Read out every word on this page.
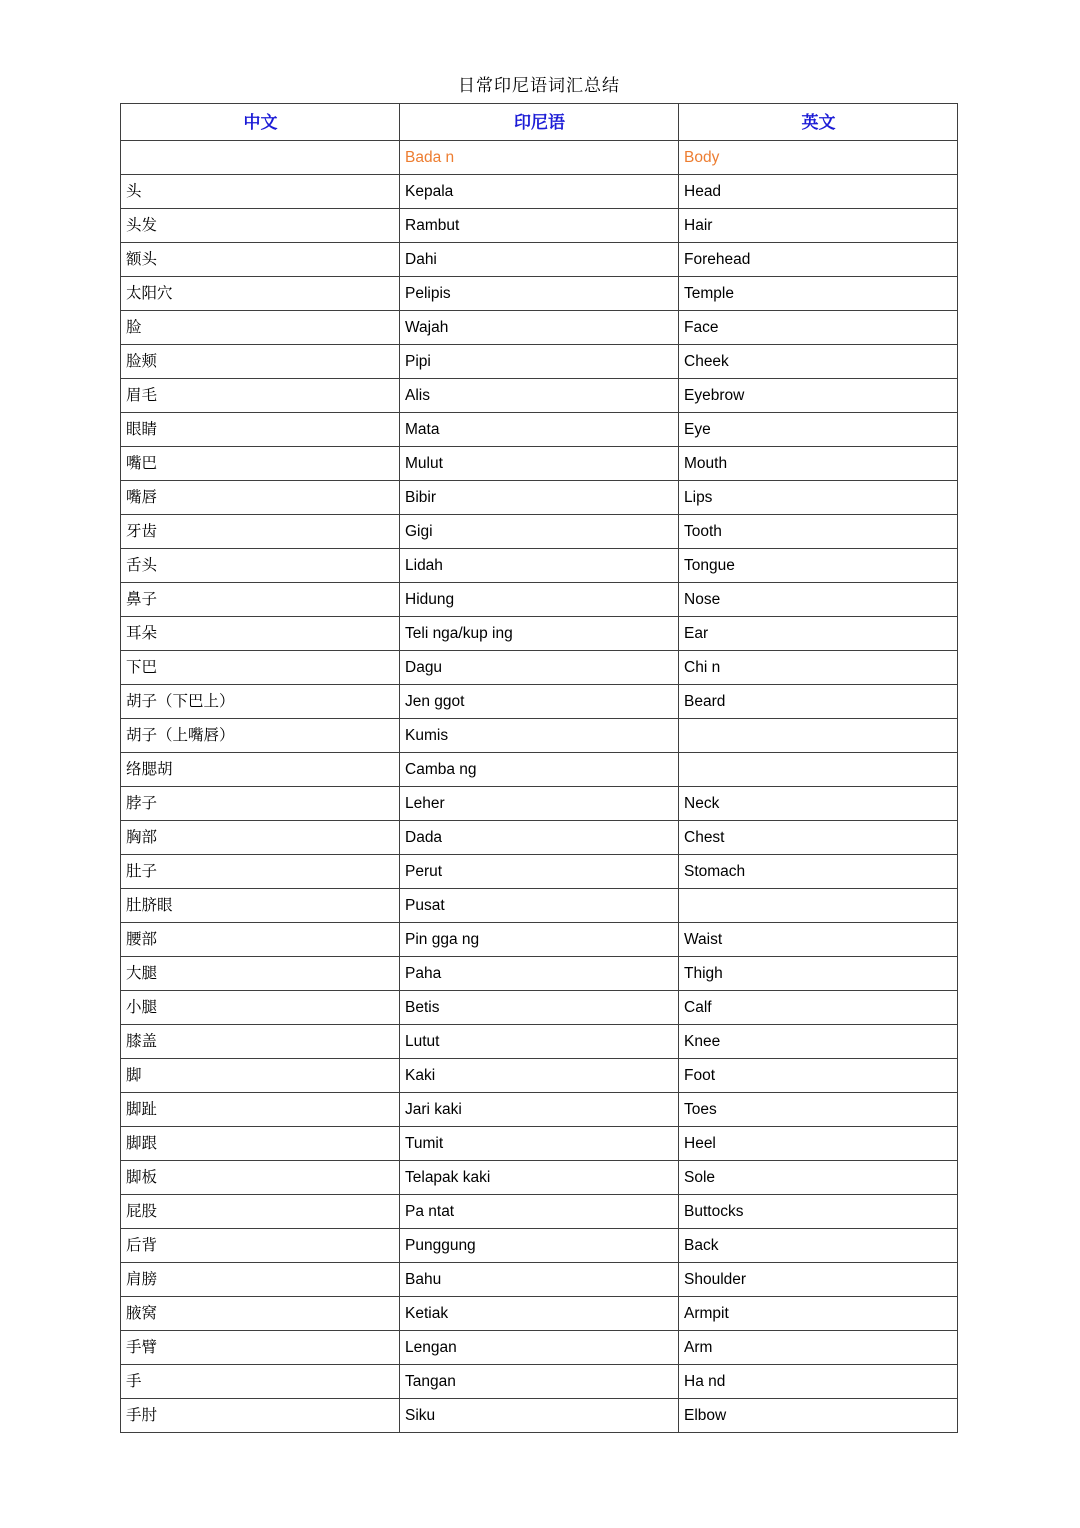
日常印尼语词汇总结
中文	印尼语	英文
	Bada n	Body
头	Kepala	Head
头发	Rambut	Hair
额头	Dahi	Forehead
太阳穴	Pelipis	Temple
脸	Wajah	Face
脸颊	Pipi	Cheek
眉毛	Alis	Eyebrow
眼睛	Mata	Eye
嘴巴	Mulut	Mouth
嘴唇	Bibir	Lips
牙齿	Gigi	Tooth
舌头	Lidah	Tongue
鼻子	Hidung	Nose
耳朵	Teli nga/kup ing	Ear
下巴	Dagu	Chi n
胡子（下巴上）	Jen ggot	Beard
胡子（上嘴唇）	Kumis	
络腮胡	Camba ng	
脖子	Leher	Neck
胸部	Dada	Chest
肚子	Perut	Stomach
肚脐眼	Pusat	
腰部	Pin gga ng	Waist
大腿	Paha	Thigh
小腿	Betis	Calf
膝盖	Lutut	Knee
脚	Kaki	Foot
脚趾	Jari kaki	Toes
脚跟	Tumit	Heel
脚板	Telapak kaki	Sole
屁股	Pa ntat	Buttocks
后背	Punggung	Back
肩膀	Bahu	Shoulder
腋窝	Ketiak	Armpit
手臂	Lengan	Arm
手	Tangan	Ha nd
手肘	Siku	Elbow
